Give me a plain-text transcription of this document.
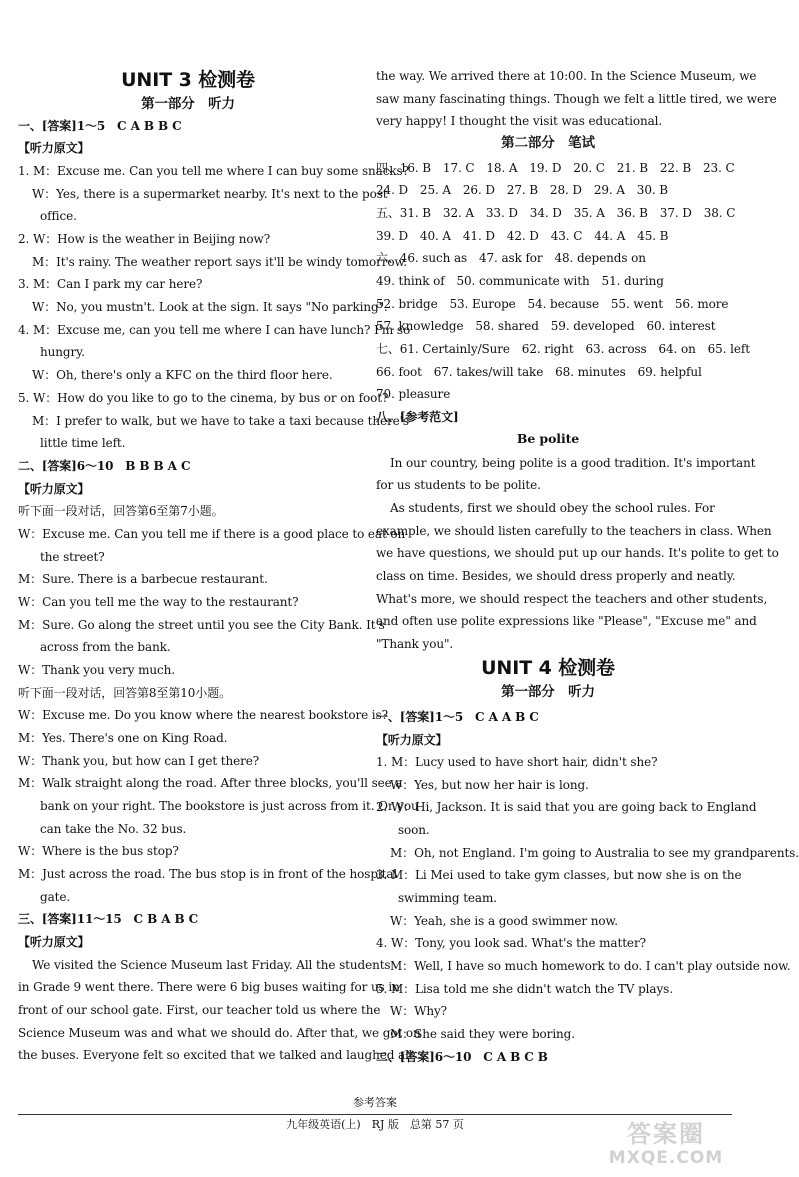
UNIT 3 检测卷
第一部分　听力
一、[答案]1～5　C A B B C
【听力原文】
1. M：Excuse me. Can you tell me where I can buy some snacks?
W：Yes, there is a supermarket nearby. It's next to the post
office.
2. W：How is the weather in Beijing now?
M：It's rainy. The weather report says it'll be windy tomorrow.
3. M：Can I park my car here?
W：No, you mustn't. Look at the sign. It says "No parking".
4. M：Excuse me, can you tell me where I can have lunch? I'm so
hungry.
W：Oh, there's only a KFC on the third floor here.
5. W：How do you like to go to the cinema, by bus or on foot?
M：I prefer to walk, but we have to take a taxi because there's
little time left.
二、[答案]6～10　B B B A C
【听力原文】
听下面一段对话，回答第6至第7小题。
W：Excuse me. Can you tell me if there is a good place to eat on
the street?
M：Sure. There is a barbecue restaurant.
W：Can you tell me the way to the restaurant?
M：Sure. Go along the street until you see the City Bank. It's
across from the bank.
W：Thank you very much.
听下面一段对话，回答第8至第10小题。
W：Excuse me. Do you know where the nearest bookstore is?
M：Yes. There's one on King Road.
W：Thank you, but how can I get there?
M：Walk straight along the road. After three blocks, you'll see a
bank on your right. The bookstore is just across from it. Or you
can take the No. 32 bus.
W：Where is the bus stop?
M：Just across the road. The bus stop is in front of the hospital
gate.
三、[答案]11～15　C B A B C
【听力原文】
We visited the Science Museum last Friday. All the students
in Grade 9 went there. There were 6 big buses waiting for us in
front of our school gate. First, our teacher told us where the
Science Museum was and what we should do. After that, we got on
the buses. Everyone felt so excited that we talked and laughed all
the way. We arrived there at 10:00. In the Science Museum, we
saw many fascinating things. Though we felt a little tired, we were
very happy! I thought the visit was educational.
第二部分　笔试
四、16. B　17. C　18. A　19. D　20. C　21. B　22. B　23. C
24. D　25. A　26. D　27. B　28. D　29. A　30. B
五、31. B　32. A　33. D　34. D　35. A　36. B　37. D　38. C
39. D　40. A　41. D　42. D　43. C　44. A　45. B
六、46. such as　47. ask for　48. depends on
49. think of　50. communicate with　51. during
52. bridge　53. Europe　54. because　55. went　56. more
57. knowledge　58. shared　59. developed　60. interest
七、61. Certainly/Sure　62. right　63. across　64. on　65. left
66. foot　67. takes/will take　68. minutes　69. helpful
70. pleasure
八、[参考范文]
Be polite
In our country, being polite is a good tradition. It's important
for us students to be polite.
As students, first we should obey the school rules. For
example, we should listen carefully to the teachers in class. When
we have questions, we should put up our hands. It's polite to get to
class on time. Besides, we should dress properly and neatly.
What's more, we should respect the teachers and other students,
and often use polite expressions like "Please", "Excuse me" and
"Thank you".
UNIT 4 检测卷
第一部分　听力
一、[答案]1～5　C A A B C
【听力原文】
1. M：Lucy used to have short hair, didn't she?
W：Yes, but now her hair is long.
2. W：Hi, Jackson. It is said that you are going back to England
soon.
M：Oh, not England. I'm going to Australia to see my grandparents.
3. M：Li Mei used to take gym classes, but now she is on the
swimming team.
W：Yeah, she is a good swimmer now.
4. W：Tony, you look sad. What's the matter?
M：Well, I have so much homework to do. I can't play outside now.
5. M：Lisa told me she didn't watch the TV plays.
W：Why?
M：She said they were boring.
二、[答案]6～10　C A B C B
参考答案
九年级英语(上)　RJ 版　总第 57 页	答案圈
MXQE.COM
